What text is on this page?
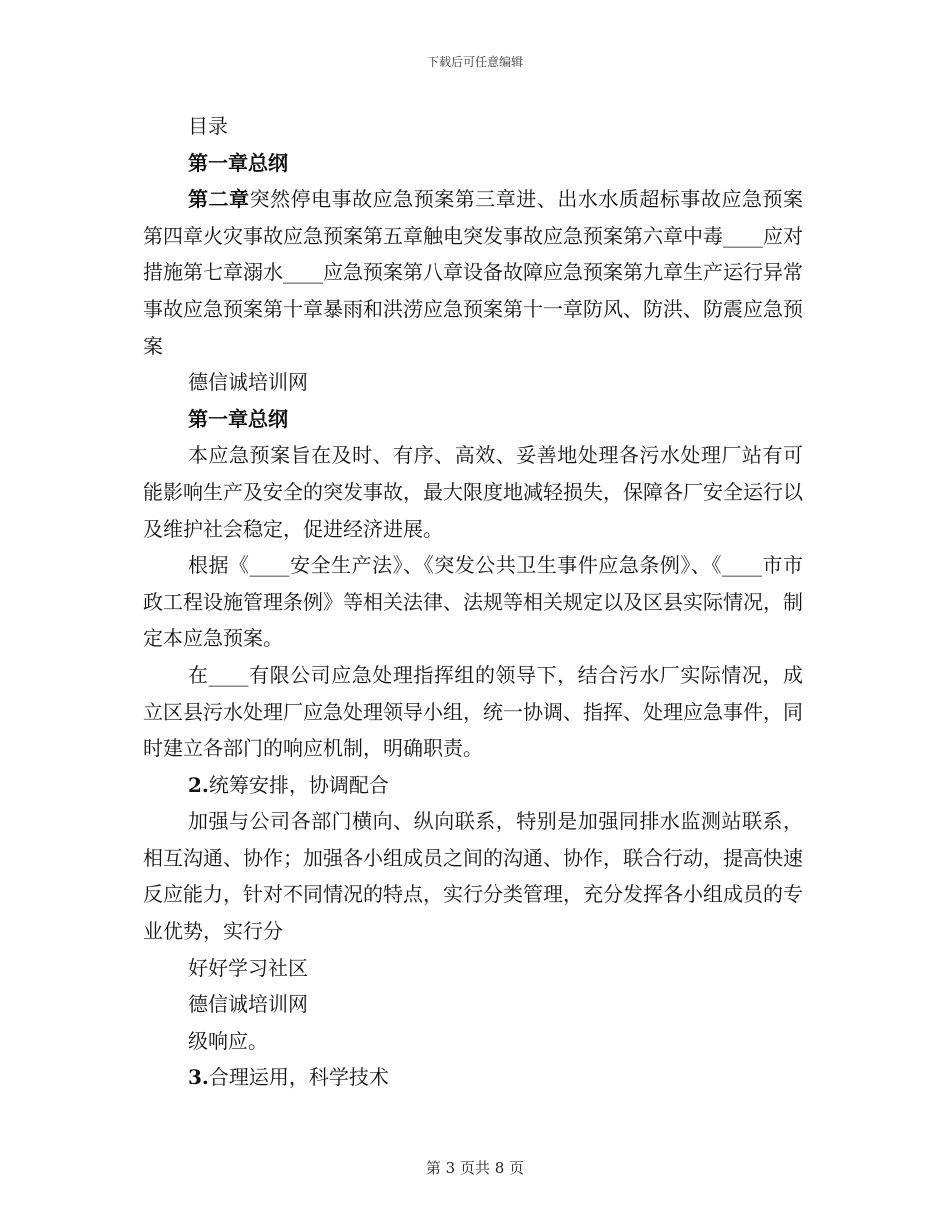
下载后可任意编辑

目录

第一章总纲

第二章突然停电事故应急预案第三章进、出水水质超标事故应急预案第四章火灾事故应急预案第五章触电突发事故应急预案第六章中毒____应对措施第七章溺水____应急预案第八章设备故障应急预案第九章生产运行异常事故应急预案第十章暴雨和洪涝应急预案第十一章防风、防洪、防震应急预案

德信诚培训网

第一章总纲

本应急预案旨在及时、有序、高效、妥善地处理各污水处理厂站有可能影响生产及安全的突发事故，最大限度地减轻损失，保障各厂安全运行以及维护社会稳定，促进经济进展。

根据《____安全生产法》、《突发公共卫生事件应急条例》、《____市市政工程设施管理条例》等相关法律、法规等相关规定以及区县实际情况，制定本应急预案。

在____有限公司应急处理指挥组的领导下，结合污水厂实际情况，成立区县污水处理厂应急处理领导小组，统一协调、指挥、处理应急事件，同时建立各部门的响应机制，明确职责。

2.统筹安排，协调配合

加强与公司各部门横向、纵向联系，特别是加强同排水监测站联系，相互沟通、协作；加强各小组成员之间的沟通、协作，联合行动，提高快速反应能力，针对不同情况的特点，实行分类管理，充分发挥各小组成员的专业优势，实行分

好好学习社区

德信诚培训网

级响应。

3.合理运用，科学技术

第 3 页共 8 页
